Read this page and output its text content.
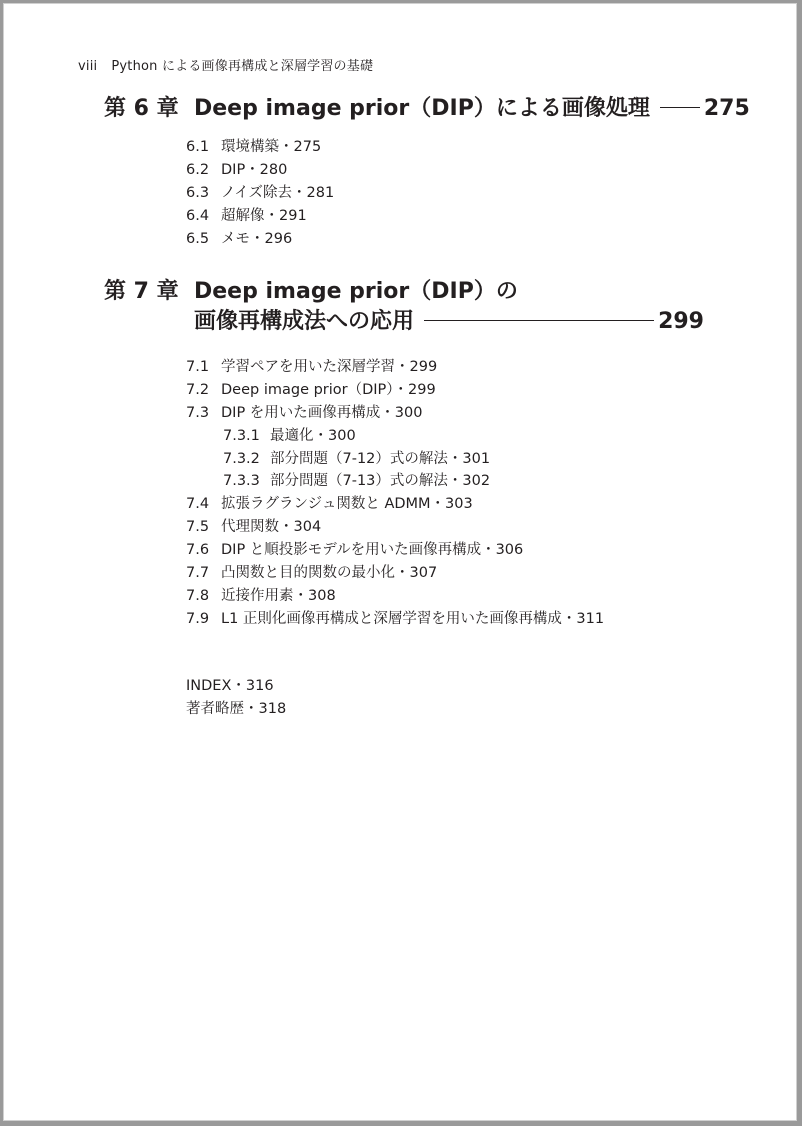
viii Python による画像再構成と深層学習の基礎
第 6 章 Deep image prior（DIP）による画像処理 275
6.1 環境構築・275
6.2 DIP・280
6.3 ノイズ除去・281
6.4 超解像・291
6.5 メモ・296
第 7 章 Deep image prior（DIP）の
画像再構成法への応用	299
7.1 学習ペアを用いた深層学習・299
7.2 Deep image prior（DIP）・299
7.3 DIP を用いた画像再構成・300
7.3.1 最適化・300
7.3.2 部分問題（7-12）式の解法・301
7.3.3 部分問題（7-13）式の解法・302
7.4 拡張ラグランジュ関数と ADMM・303
7.5 代理関数・304
7.6 DIP と順投影モデルを用いた画像再構成・306
7.7 凸関数と目的関数の最小化・307
7.8 近接作用素・308
7.9 L1 正則化画像再構成と深層学習を用いた画像再構成・311
INDEX・316
著者略歴・318
